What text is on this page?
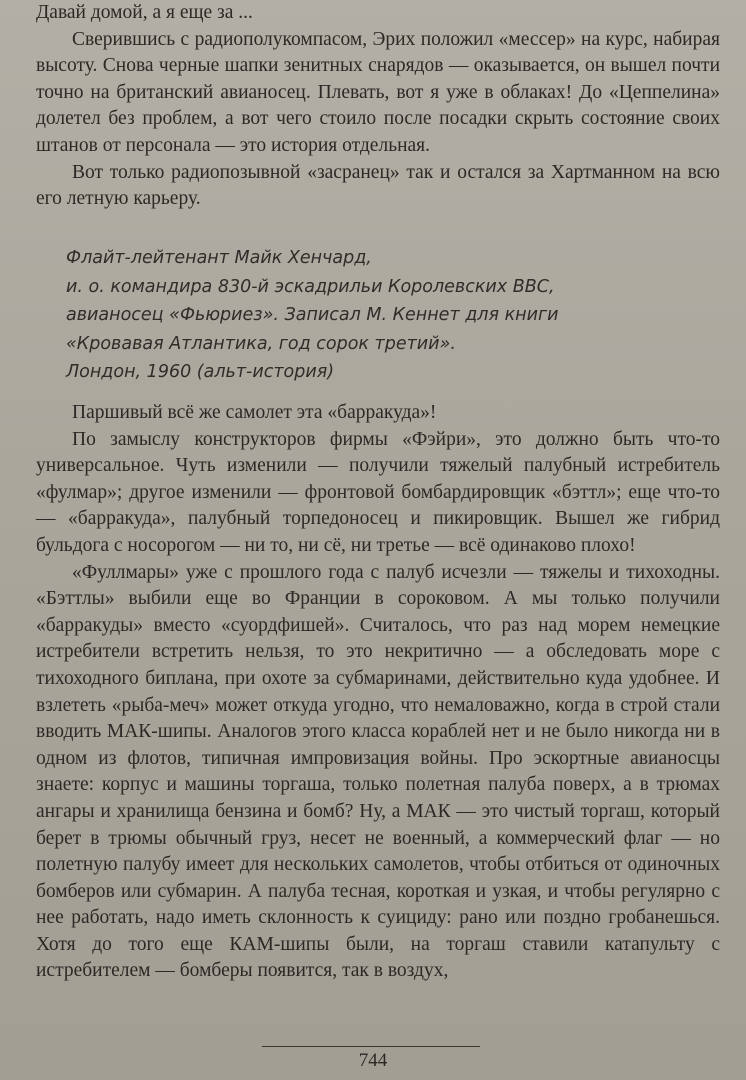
Давай домой, а я еще за ...

Сверившись с радиополукомпасом, Эрих положил «мессер» на курс, набирая высоту. Снова черные шапки зенитных снарядов — оказывается, он вышел почти точно на британский авианосец. Плевать, вот я уже в облаках! До «Цеппелина» долетел без проблем, а вот чего стоило после посадки скрыть состояние своих штанов от персонала — это история отдельная.

Вот только радиопозывной «засранец» так и остался за Хартманном на всю его летную карьеру.

Флайт-лейтенант Майк Хенчард,
и. о. командира 830-й эскадрильи Королевских ВВС,
авианосец «Фьюриез». Записал М. Кеннет для книги
«Кровавая Атлантика, год сорок третий».
Лондон, 1960 (альт-история)

Паршивый всё же самолет эта «барракуда»!

По замыслу конструкторов фирмы «Фэйри», это должно быть что-то универсальное. Чуть изменили — получили тяжелый палубный истребитель «фулмар»; другое изменили — фронтовой бомбардировщик «бэттл»; еще что-то — «барракуда», палубный торпедоносец и пикировщик. Вышел же гибрид бульдога с носорогом — ни то, ни сё, ни третье — всё одинаково плохо!

«Фуллмары» уже с прошлого года с палуб исчезли — тяжелы и тихоходны. «Бэттлы» выбили еще во Франции в сороковом. А мы только получили «барракуды» вместо «суордфишей». Считалось, что раз над морем немецкие истребители встретить нельзя, то это некритично — а обследовать море с тихоходного биплана, при охоте за субмаринами, действительно куда удобнее. И взлететь «рыба-меч» может откуда угодно, что немаловажно, когда в строй стали вводить МАК-шипы. Аналогов этого класса кораблей нет и не было никогда ни в одном из флотов, типичная импровизация войны. Про эскортные авианосцы знаете: корпус и машины торгаша, только полетная палуба поверх, а в трюмах ангары и хранилища бензина и бомб? Ну, а МАК — это чистый торгаш, который берет в трюмы обычный груз, несет не военный, а коммерческий флаг — но полетную палубу имеет для нескольких самолетов, чтобы отбиться от одиночных бомберов или субмарин. А палуба тесная, короткая и узкая, и чтобы регулярно с нее работать, надо иметь склонность к суициду: рано или поздно гробанешься. Хотя до того еще КАМ-шипы были, на торгаш ставили катапульту с истребителем — бомберы появится, так в воздух,

744
